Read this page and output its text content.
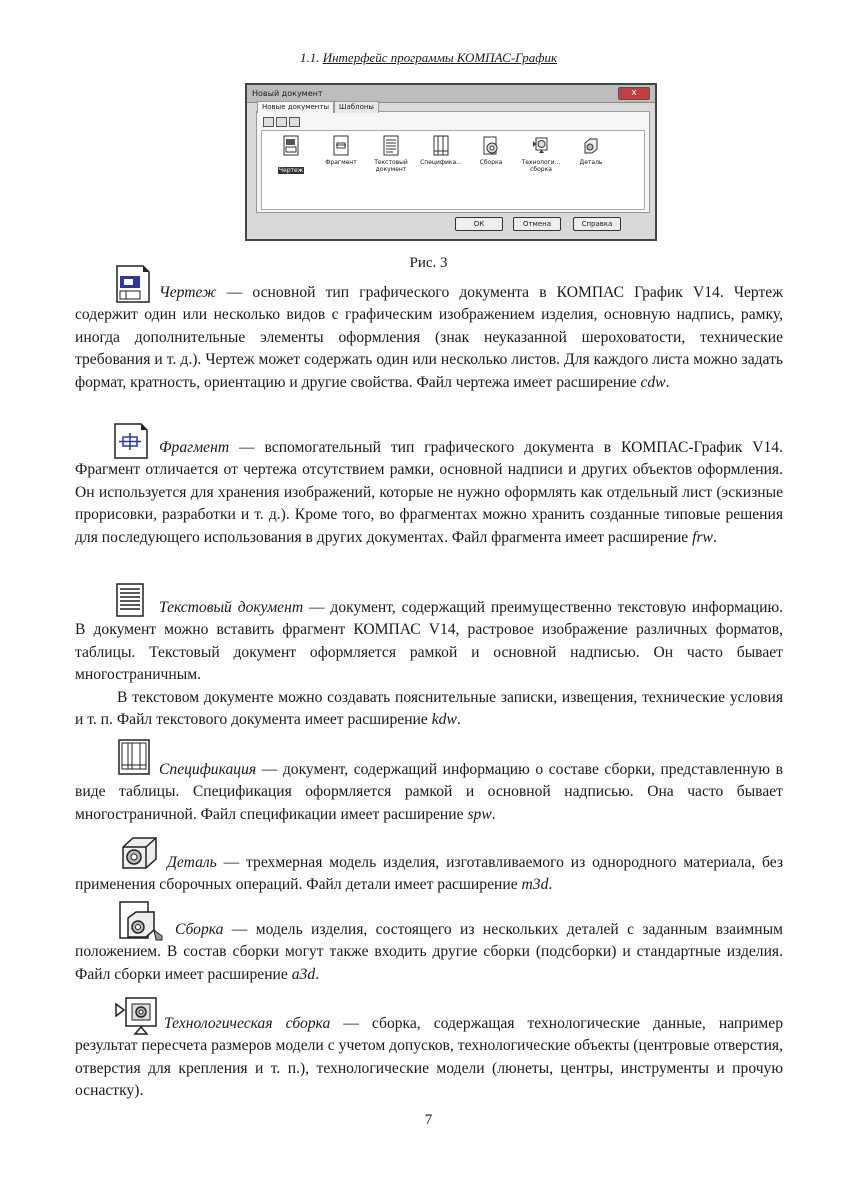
1.1. Интерфейс программы КОМПАС-График
Новый документ	x
Новые документы	Шаблоны
Чертеж
Фрагмент	Текстовый документ
Специфика...	Сборка	Технологи... сборка
Деталь
ОК	Отмена	Справка
Рис. 3

Чертеж — основной тип графического документа в КОМПАС График V14. Чертеж содержит один или несколько видов с графическим изображением изделия, основную надпись, рамку, иногда дополнительные элементы оформления (знак неуказанной шероховатости, технические требования и т. д.). Чертеж может содержать один или несколько листов. Для каждого листа можно задать формат, кратность, ориентацию и другие свойства. Файл чертежа имеет расширение cdw.

Фрагмент — вспомогательный тип графического документа в КОМПАС-График V14. Фрагмент отличается от чертежа отсутствием рамки, основной надписи и других объектов оформления. Он используется для хранения изображений, которые не нужно оформлять как отдельный лист (эскизные прорисовки, разработки и т. д.). Кроме того, во фрагментах можно хранить созданные типовые решения для последующего использования в других документах. Файл фрагмента имеет расширение frw.

Текстовый документ — документ, содержащий преимущественно текстовую информацию. В документ можно вставить фрагмент КОМПАС V14, растровое изображение различных форматов, таблицы. Текстовый документ оформляется рамкой и основной надписью. Он часто бывает многостраничным.

В текстовом документе можно создавать пояснительные записки, извещения, технические условия и т. п. Файл текстового документа имеет расширение kdw.

Спецификация — документ, содержащий информацию о составе сборки, представленную в виде таблицы. Спецификация оформляется рамкой и основной надписью. Она часто бывает многостраничной. Файл спецификации имеет расширение spw.

Деталь — трехмерная модель изделия, изготавливаемого из однородного материала, без применения сборочных операций. Файл детали имеет расширение m3d.

Сборка — модель изделия, состоящего из нескольких деталей с заданным взаимным положением. В состав сборки могут также входить другие сборки (подсборки) и стандартные изделия. Файл сборки имеет расширение a3d.

Технологическая сборка — сборка, содержащая технологические данные, например результат пересчета размеров модели с учетом допусков, технологические объекты (центровые отверстия, отверстия для крепления и т. п.), технологические модели (люнеты, центры, инструменты и прочую оснастку).

7
